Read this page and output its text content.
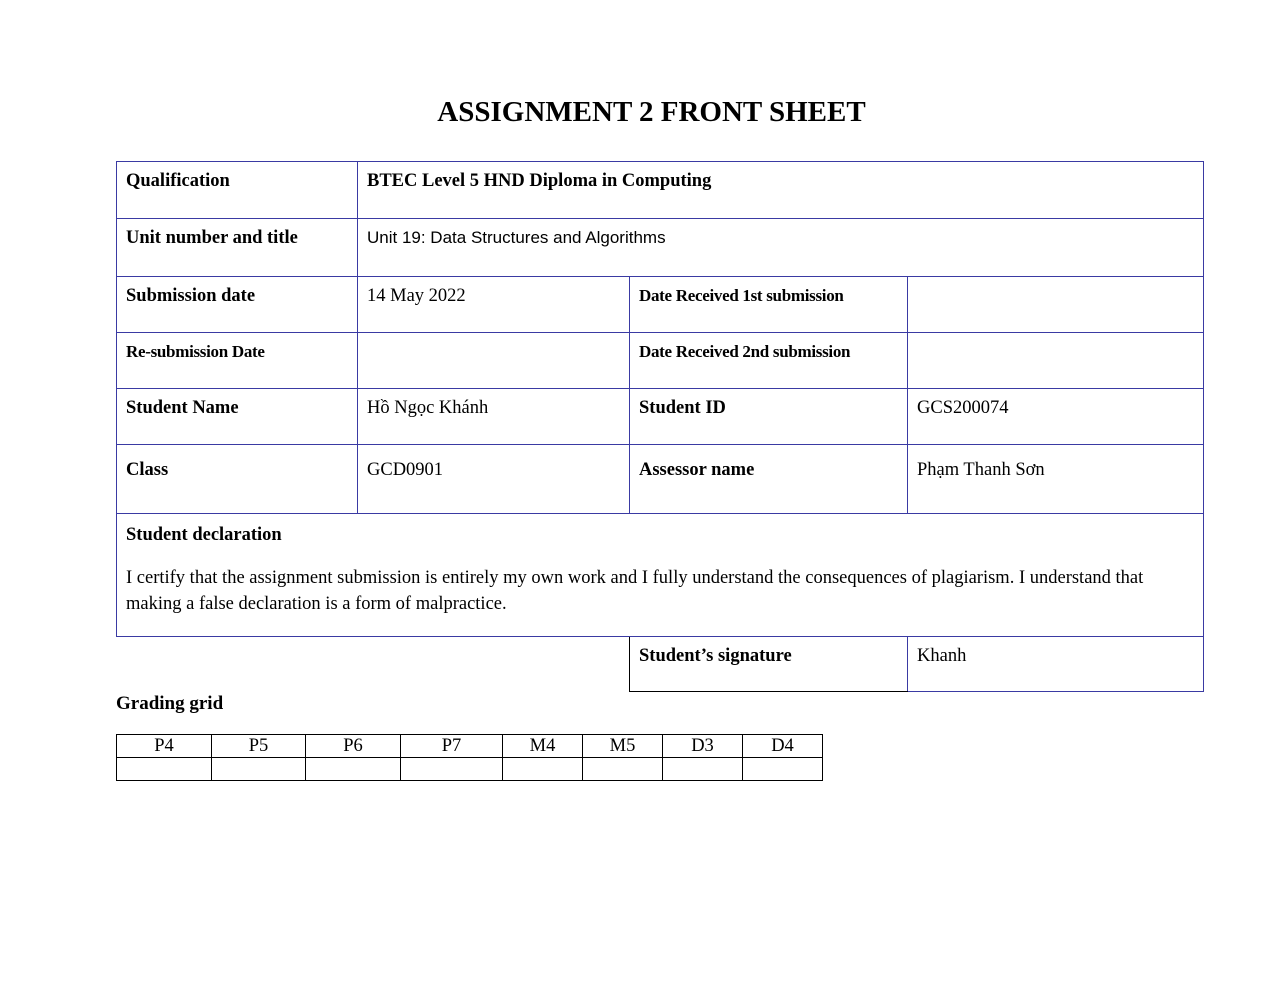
ASSIGNMENT 2 FRONT SHEET
Qualification	BTEC Level 5 HND Diploma in Computing		
Unit number and title	Unit 19: Data Structures and Algorithms		
Submission date	14 May 2022	Date Received 1st submission	
Re-submission Date		Date Received 2nd submission	
Student Name	Hồ Ngọc Khánh	Student ID	GCS200074
Class	GCD0901	Assessor name	Phạm Thanh Sơn

Student declaration
I certify that the assignment submission is entirely my own work and I fully understand the consequences of plagiarism. I understand that making a false declaration is a form of malpractice.			

		Student’s signature	Khanh
Grading grid
P4	P5	P6	P7	M4	M5	D3	D4
